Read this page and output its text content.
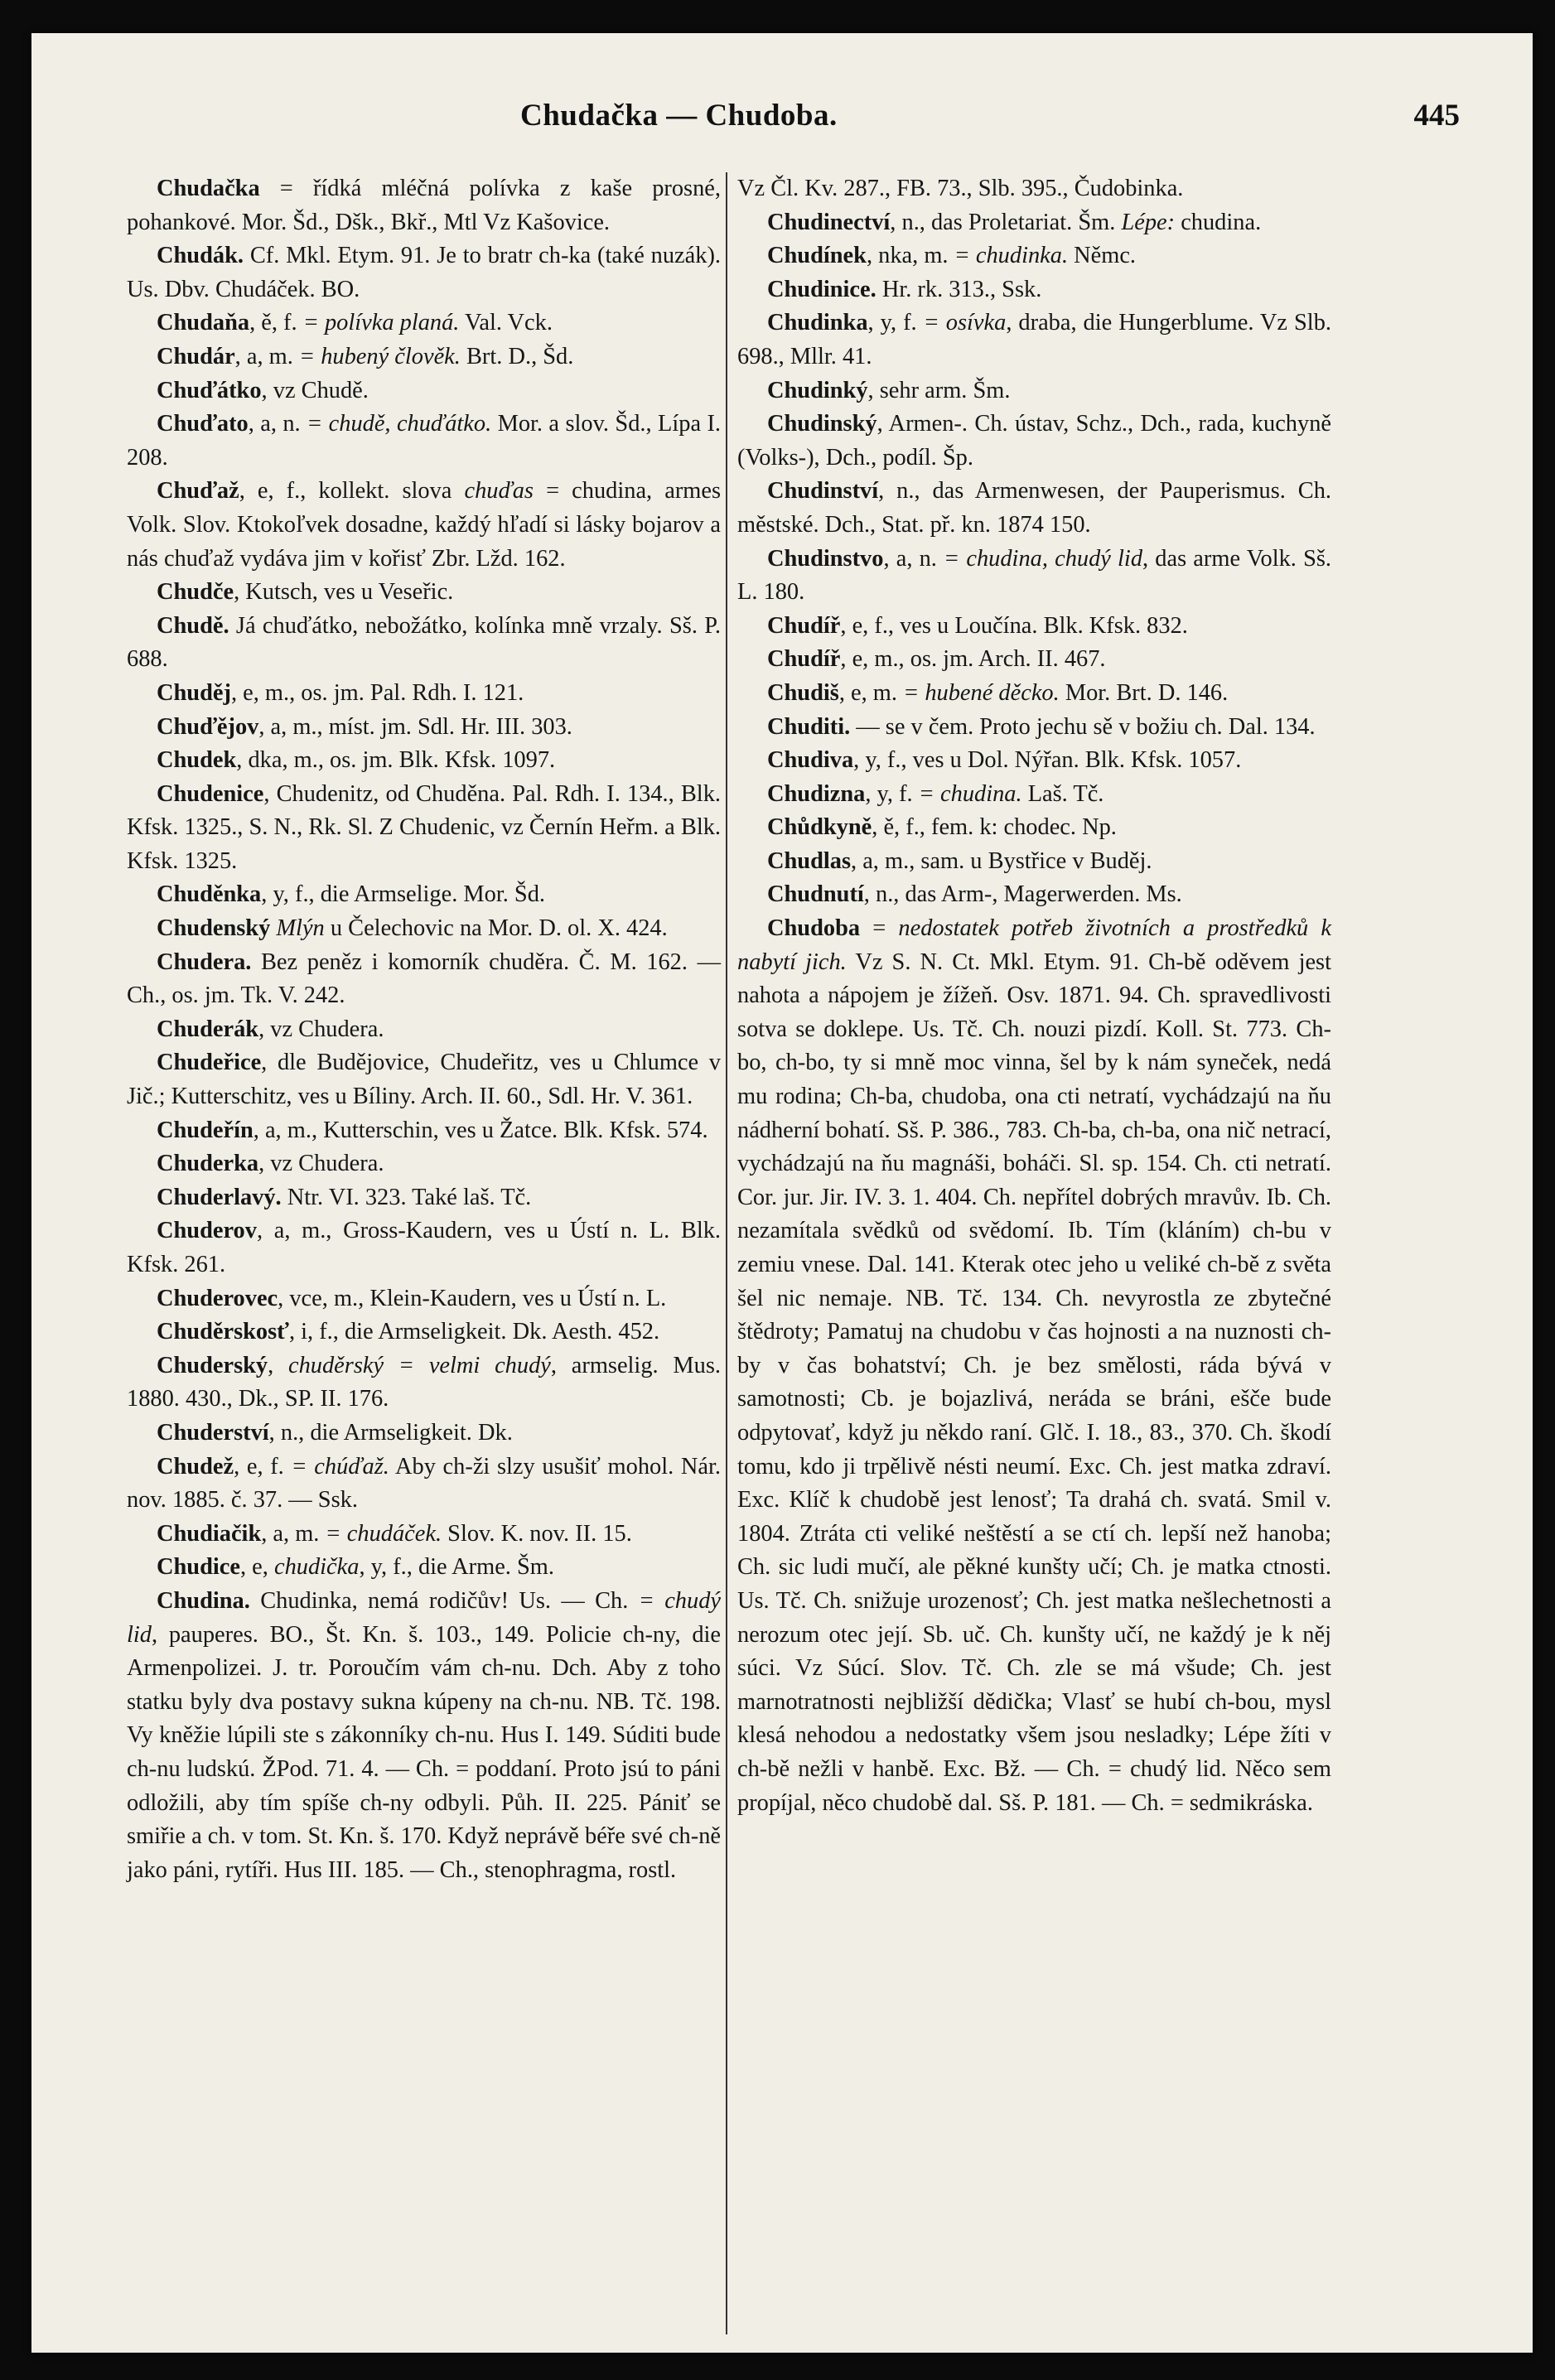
Chudačka — Chudoba.	445

Chudačka = řídká mléčná polívka z kaše prosné, pohankové. Mor. Šd., Dšk., Bkř., Mtl Vz Kašovice.

Chudák. Cf. Mkl. Etym. 91. Je to bratr ch-ka (také nuzák). Us. Dbv. Chudáček. BO.

Chudaňa, ě, f. = polívka planá. Val. Vck.

Chudár, a, m. = hubený člověk. Brt. D., Šd.

Chuďátko, vz Chudě.

Chuďato, a, n. = chudě, chuďátko. Mor. a slov. Šd., Lípa I. 208.

Chuďaž, e, f., kollekt. slova chuďas = chudina, armes Volk. Slov. Ktokoľvek dosadne, každý hľadí si lásky bojarov a nás chuďaž vydáva jim v kořisť Zbr. Lžd. 162.

Chudče, Kutsch, ves u Veseřic.

Chudě. Já chuďátko, nebožátko, kolínka mně vrzaly. Sš. P. 688.

Chuděj, e, m., os. jm. Pal. Rdh. I. 121.

Chuďějov, a, m., míst. jm. Sdl. Hr. III. 303.

Chudek, dka, m., os. jm. Blk. Kfsk. 1097.

Chudenice, Chudenitz, od Chuděna. Pal. Rdh. I. 134., Blk. Kfsk. 1325., S. N., Rk. Sl. Z Chudenic, vz Černín Heřm. a Blk. Kfsk. 1325.

Chuděnka, y, f., die Armselige. Mor. Šd.

Chudenský Mlýn u Čelechovic na Mor. D. ol. X. 424.

Chudera. Bez peněz i komorník chuděra. Č. M. 162. — Ch., os. jm. Tk. V. 242.

Chuderák, vz Chudera.

Chudeřice, dle Budějovice, Chudeřitz, ves u Chlumce v Jič.; Kutterschitz, ves u Bíliny. Arch. II. 60., Sdl. Hr. V. 361.

Chudeřín, a, m., Kutterschin, ves u Žatce. Blk. Kfsk. 574.

Chuderka, vz Chudera.

Chuderlavý. Ntr. VI. 323. Také laš. Tč.

Chuderov, a, m., Gross-Kaudern, ves u Ústí n. L. Blk. Kfsk. 261.

Chuderovec, vce, m., Klein-Kaudern, ves u Ústí n. L.

Chuděrskosť, i, f., die Armseligkeit. Dk. Aesth. 452.

Chuderský, chuděrský = velmi chudý, armselig. Mus. 1880. 430., Dk., SP. II. 176.

Chuderství, n., die Armseligkeit. Dk.

Chudež, e, f. = chúďaž. Aby ch-ži slzy usušiť mohol. Nár. nov. 1885. č. 37. — Ssk.

Chudiačik, a, m. = chudáček. Slov. K. nov. II. 15.

Chudice, e, chudička, y, f., die Arme. Šm.

Chudina. Chudinka, nemá rodičův! Us. — Ch. = chudý lid, pauperes. BO., Št. Kn. š. 103., 149. Policie ch-ny, die Armenpolizei. J. tr. Poroučím vám ch-nu. Dch. Aby z toho statku byly dva postavy sukna kúpeny na ch-nu. NB. Tč. 198. Vy kněžie lúpili ste s zákonníky ch-nu. Hus I. 149. Súditi bude ch-nu ludskú. ŽPod. 71. 4. — Ch. = poddaní. Proto jsú to páni odložili, aby tím spíše ch-ny odbyli. Půh. II. 225. Pániť se smiřie a ch. v tom. St. Kn. š. 170. Když neprávě béře své ch-ně jako páni, rytíři. Hus III. 185. — Ch., stenophragma, rostl.

Vz Čl. Kv. 287., FB. 73., Slb. 395., Čudobinka.

Chudinectví, n., das Proletariat. Šm. Lépe: chudina.

Chudínek, nka, m. = chudinka. Němc.

Chudinice. Hr. rk. 313., Ssk.

Chudinka, y, f. = osívka, draba, die Hungerblume. Vz Slb. 698., Mllr. 41.

Chudinký, sehr arm. Šm.

Chudinský, Armen-. Ch. ústav, Schz., Dch., rada, kuchyně (Volks-), Dch., podíl. Šp.

Chudinství, n., das Armenwesen, der Pauperismus. Ch. městské. Dch., Stat. př. kn. 1874 150.

Chudinstvo, a, n. = chudina, chudý lid, das arme Volk. Sš. L. 180.

Chudíř, e, f., ves u Loučína. Blk. Kfsk. 832.

Chudíř, e, m., os. jm. Arch. II. 467.

Chudiš, e, m. = hubené děcko. Mor. Brt. D. 146.

Chuditi. — se v čem. Proto jechu sě v božiu ch. Dal. 134.

Chudiva, y, f., ves u Dol. Nýřan. Blk. Kfsk. 1057.

Chudizna, y, f. = chudina. Laš. Tč.

Chůdkyně, ě, f., fem. k: chodec. Np.

Chudlas, a, m., sam. u Bystřice v Buděj.

Chudnutí, n., das Arm-, Magerwerden. Ms.

Chudoba = nedostatek potřeb životních a prostředků k nabytí jich. Vz S. N. Ct. Mkl. Etym. 91. Ch-bě oděvem jest nahota a nápojem je žížeň. Osv. 1871. 94. Ch. spravedlivosti sotva se doklepe. Us. Tč. Ch. nouzi pizdí. Koll. St. 773. Ch-bo, ch-bo, ty si mně moc vinna, šel by k nám syneček, nedá mu rodina; Ch-ba, chudoba, ona cti netratí, vychádzajú na ňu nádherní bohatí. Sš. P. 386., 783. Ch-ba, ch-ba, ona nič netrací, vychádzajú na ňu magnáši, boháči. Sl. sp. 154. Ch. cti netratí. Cor. jur. Jir. IV. 3. 1. 404. Ch. nepřítel dobrých mravův. Ib. Ch. nezamítala svědků od svědomí. Ib. Tím (kláním) ch-bu v zemiu vnese. Dal. 141. Kterak otec jeho u veliké ch-bě z světa šel nic nemaje. NB. Tč. 134. Ch. nevyrostla ze zbytečné štědroty; Pamatuj na chudobu v čas hojnosti a na nuznosti ch-by v čas bohatství; Ch. je bez smělosti, ráda bývá v samotnosti; Cb. je bojazlivá, nerádа se bráni, ešče bude odpytovať, když ju někdo raní. Glč. I. 18., 83., 370. Ch. škodí tomu, kdo ji trpělivě nésti neumí. Exc. Ch. jest matka zdraví. Exc. Klíč k chudobě jest lenosť; Ta drahá ch. svatá. Smil v. 1804. Ztráta cti veliké neštěstí a se ctí ch. lepší než hanoba; Ch. sic ludi mučí, ale pěkné kunšty učí; Ch. je matka ctnosti. Us. Tč. Ch. snižuje urozenosť; Ch. jest matka nešlechetnosti a nerozum otec její. Sb. uč. Ch. kunšty učí, ne každý je k něj súci. Vz Súcí. Slov. Tč. Ch. zle se má všude; Ch. jest marnotratnosti nejbližší dědička; Vlasť se hubí ch-bou, mysl klesá nehodou a nedostatky všem jsou nesladky; Lépe žíti v ch-bě nežli v hanbě. Exc. Bž. — Ch. = chudý lid. Něco sem propíjal, něco chudobě dal. Sš. P. 181. — Ch. = sedmikráska.
